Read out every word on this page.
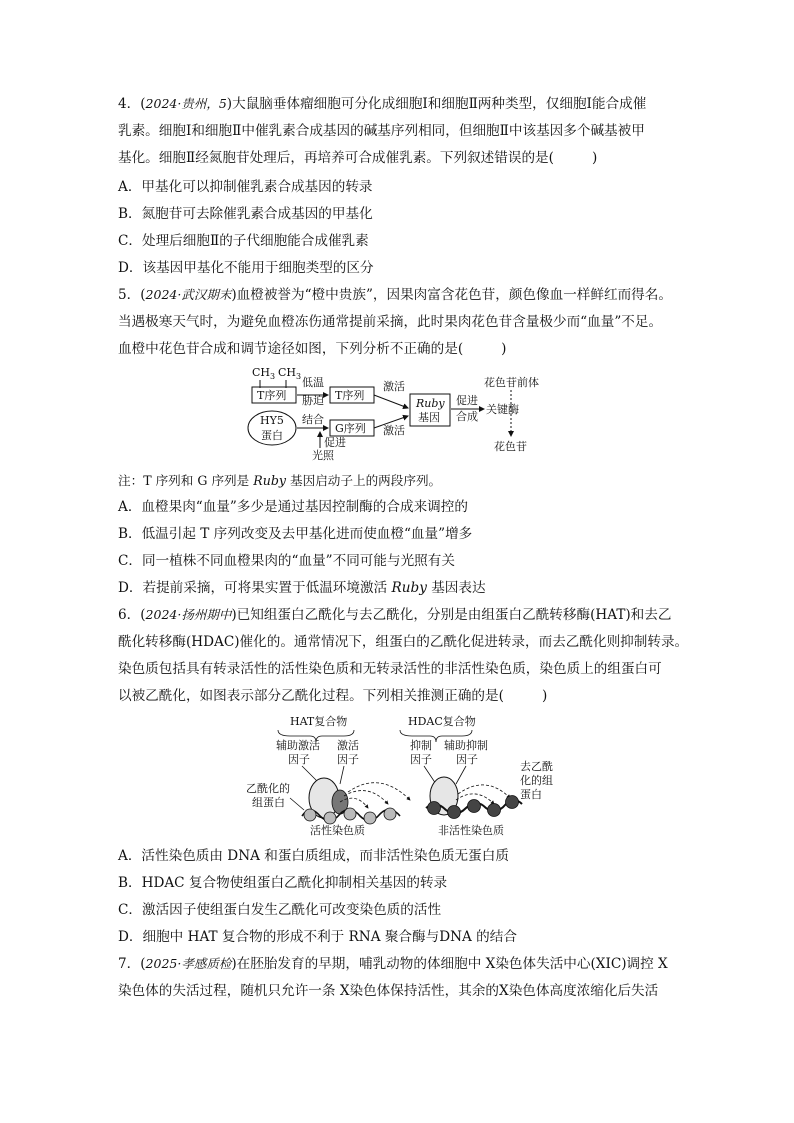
4．(2024·贵州，5)大鼠脑垂体瘤细胞可分化成细胞Ⅰ和细胞Ⅱ两种类型，仅细胞Ⅰ能合成催
乳素。细胞Ⅰ和细胞Ⅱ中催乳素合成基因的碱基序列相同，但细胞Ⅱ中该基因多个碱基被甲
基化。细胞Ⅱ经氮胞苷处理后，再培养可合成催乳素。下列叙述错误的是(	)
A．甲基化可以抑制催乳素合成基因的转录
B．氮胞苷可去除催乳素合成基因的甲基化
C．处理后细胞Ⅱ的子代细胞能合成催乳素
D．该基因甲基化不能用于细胞类型的区分
5．(2024·武汉期末)血橙被誉为“橙中贵族”，因果肉富含花色苷，颜色像血一样鲜红而得名。
当遇极寒天气时，为避免血橙冻伤通常提前采摘，此时果肉花色苷含量极少而“血量”不足。
血橙中花色苷合成和调节途径如图，下列分析不正确的是(	)
$CH_3$ $CH_3$
T序列
低温
胁迫 T序列
激活
Ruby
基因
促进
合成
关键酶
花色苷前体
花色苷
HY5
蛋白
结合
G序列 激活
促进
光照
注：T 序列和 G 序列是 Ruby 基因启动子上的两段序列。
A．血橙果肉“血量”多少是通过基因控制酶的合成来调控的
B．低温引起 T 序列改变及去甲基化进而使血橙“血量”增多
C．同一植株不同血橙果肉的“血量”不同可能与光照有关
D．若提前采摘，可将果实置于低温环境激活 Ruby 基因表达
6．(2024·扬州期中)已知组蛋白乙酰化与去乙酰化，分别是由组蛋白乙酰转移酶(HAT)和去乙
酰化转移酶(HDAC)催化的。通常情况下，组蛋白的乙酰化促进转录，而去乙酰化则抑制转录。
染色质包括具有转录活性的活性染色质和无转录活性的非活性染色质，染色质上的组蛋白可
以被乙酰化，如图表示部分乙酰化过程。下列相关推测正确的是(	)
HAT复合物
辅助激活
因子
激活
因子
乙酰化的
组蛋白
活性染色质
HDAC复合物
抑制
因子
辅助抑制
因子
去乙酰
化的组
蛋白
非活性染色质
A．活性染色质由 DNA 和蛋白质组成，而非活性染色质无蛋白质
B．HDAC 复合物使组蛋白乙酰化抑制相关基因的转录
C．激活因子使组蛋白发生乙酰化可改变染色质的活性
D．细胞中 HAT 复合物的形成不利于 RNA 聚合酶与DNA 的结合
7．(2025·孝感质检)在胚胎发育的早期，哺乳动物的体细胞中 X染色体失活中心(XIC)调控 X
染色体的失活过程，随机只允许一条 X染色体保持活性，其余的X染色体高度浓缩化后失活
